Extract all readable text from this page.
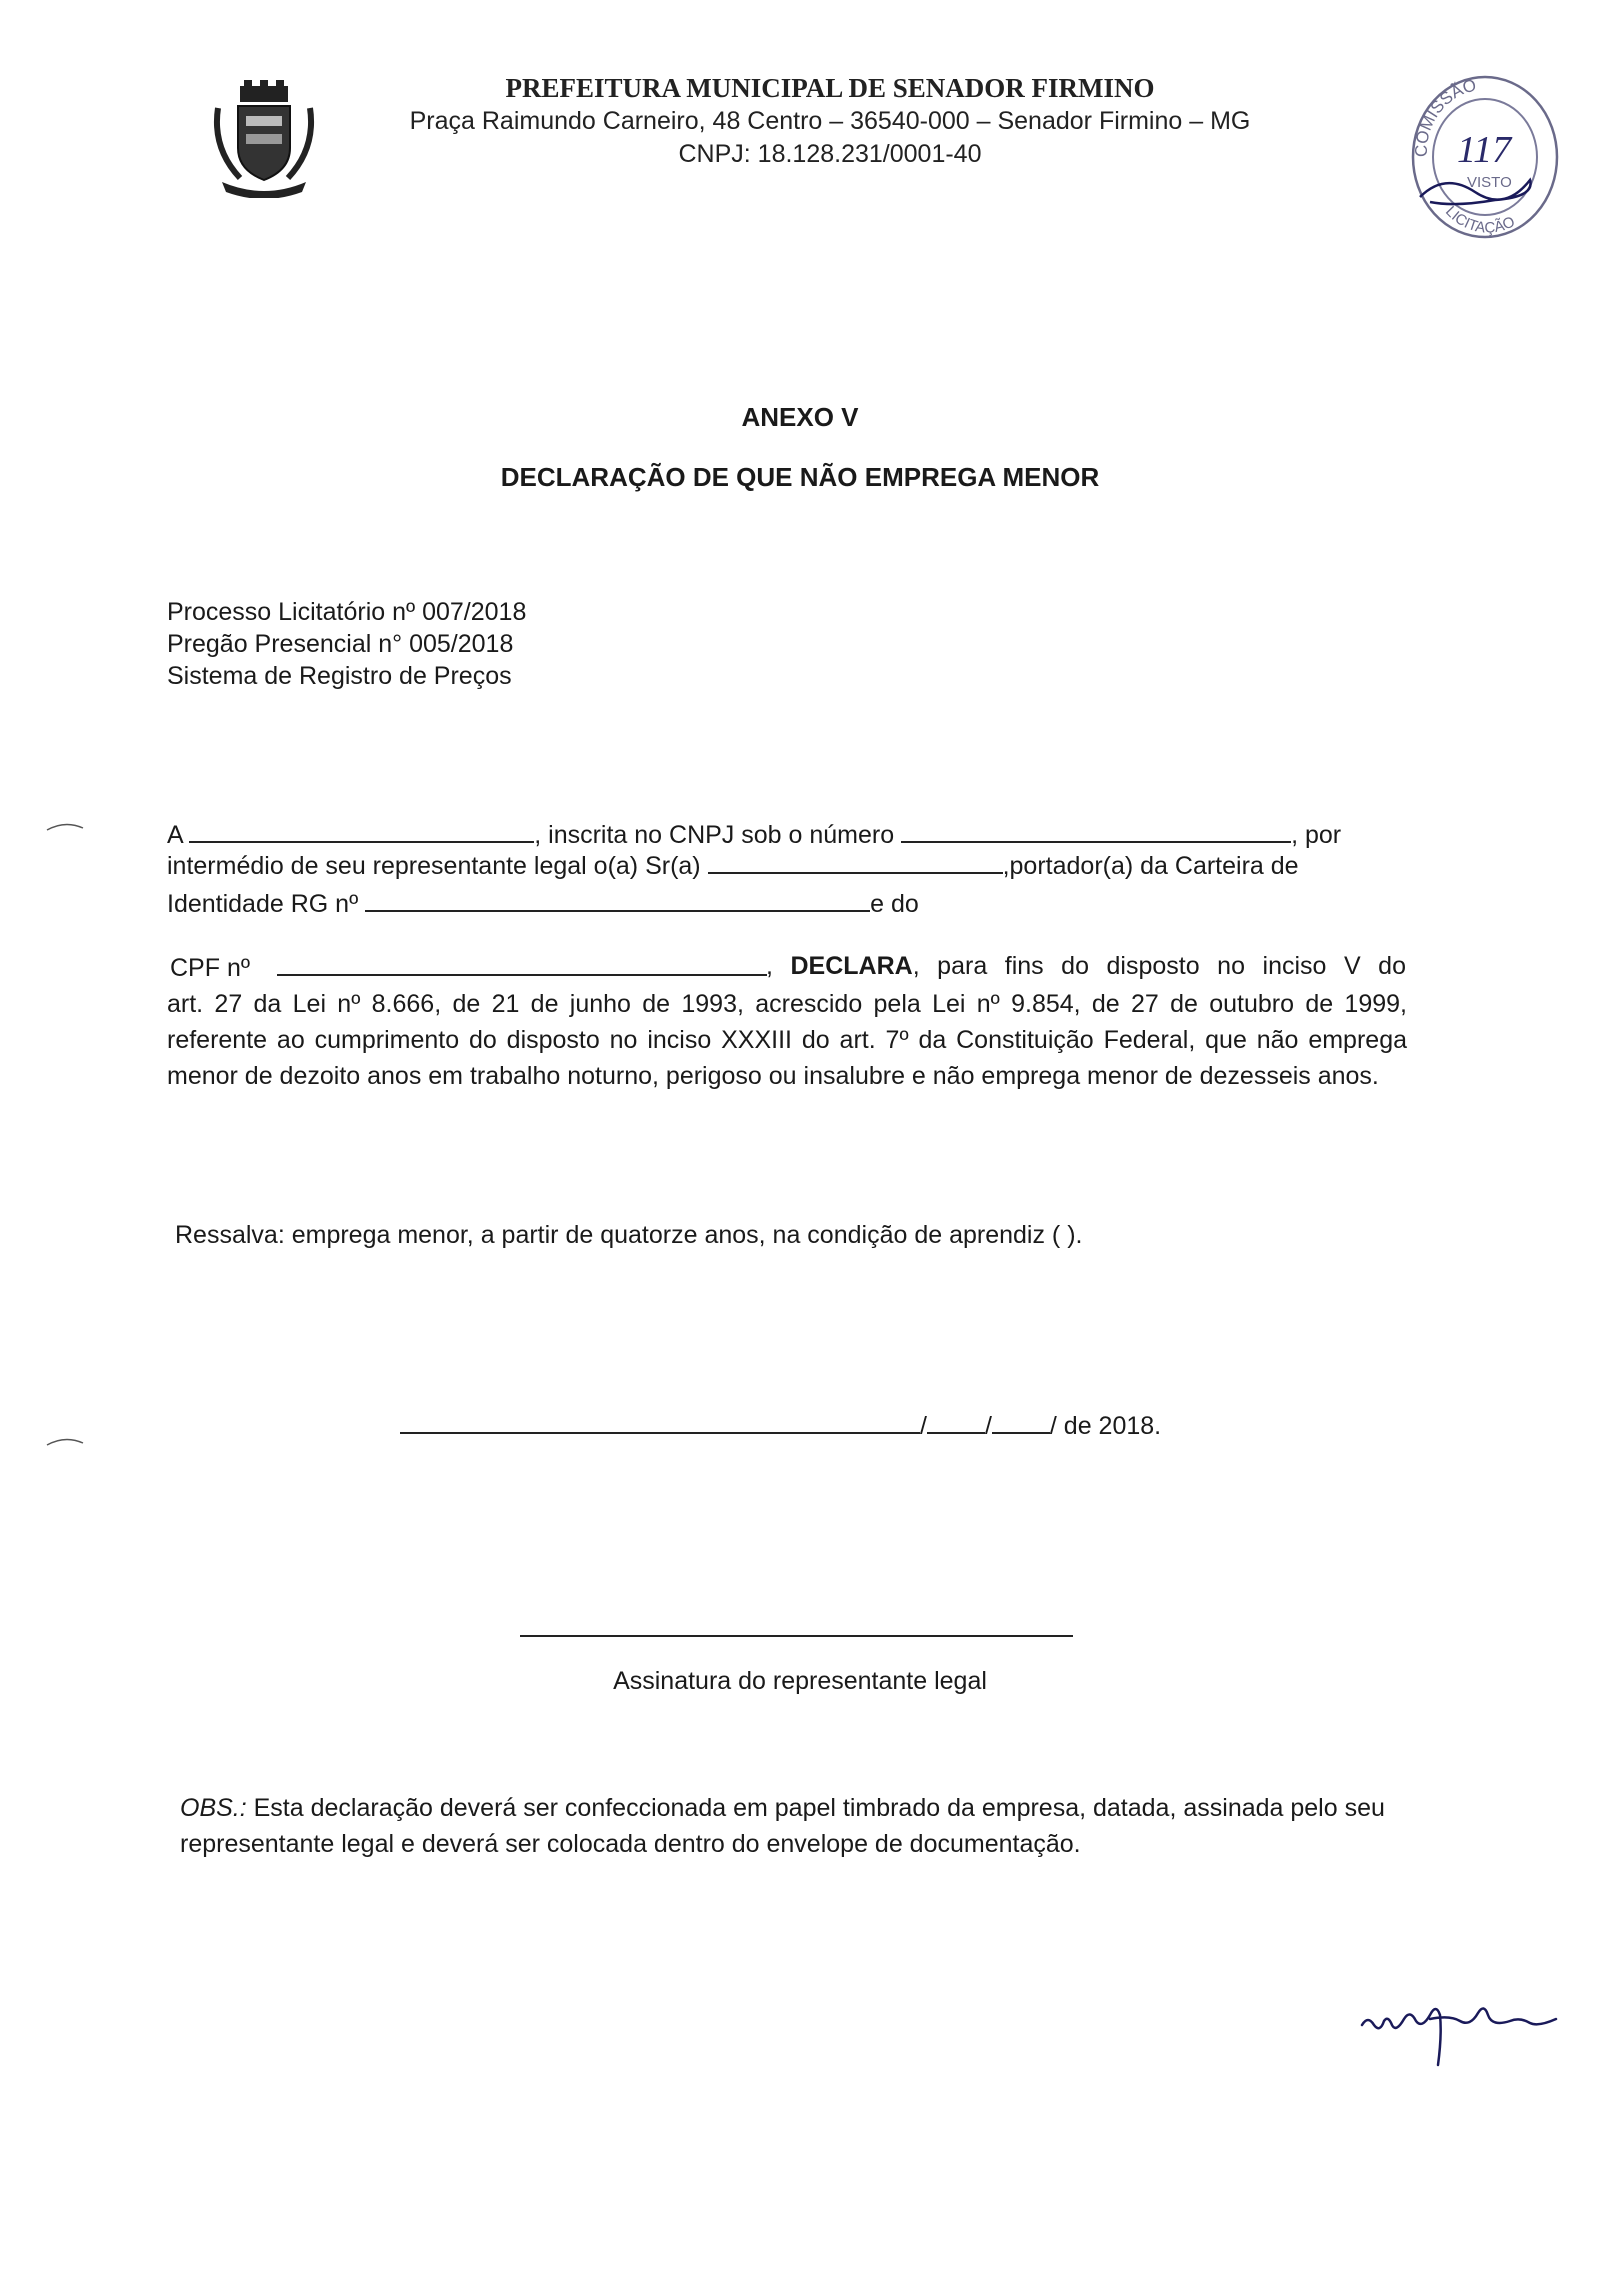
PREFEITURA MUNICIPAL DE SENADOR FIRMINO
Praça Raimundo Carneiro, 48 Centro – 36540-000 – Senador Firmino – MG
CNPJ: 18.128.231/0001-40	COMISSÃO
117
VISTO
LICITAÇÃO
ANEXO V
DECLARAÇÃO DE QUE NÃO EMPREGA MENOR
Processo Licitatório nº 007/2018
Pregão Presencial n° 005/2018
Sistema de Registro de Preços
A	, inscrita no CNPJ sob o número	, por
intermédio de seu representante legal o(a) Sr(a)	,portador(a) da Carteira de
Identidade RG nº	e do
CPF nº	, DECLARA, para fins do disposto no inciso V do
art. 27 da Lei nº 8.666, de 21 de junho de 1993, acrescido pela Lei nº 9.854, de 27 de outubro de 1999, referente ao cumprimento do disposto no inciso XXXIII do art. 7º da Constituição Federal, que não emprega menor de dezoito anos em trabalho noturno, perigoso ou insalubre e não emprega menor de dezesseis anos.
Ressalva: emprega menor, a partir de quatorze anos, na condição de aprendiz ( ).
/ / / de 2018.
Assinatura do representante legal
OBS.: Esta declaração deverá ser confeccionada em papel timbrado da empresa, datada, assinada pelo seu representante legal e deverá ser colocada dentro do envelope de documentação.
